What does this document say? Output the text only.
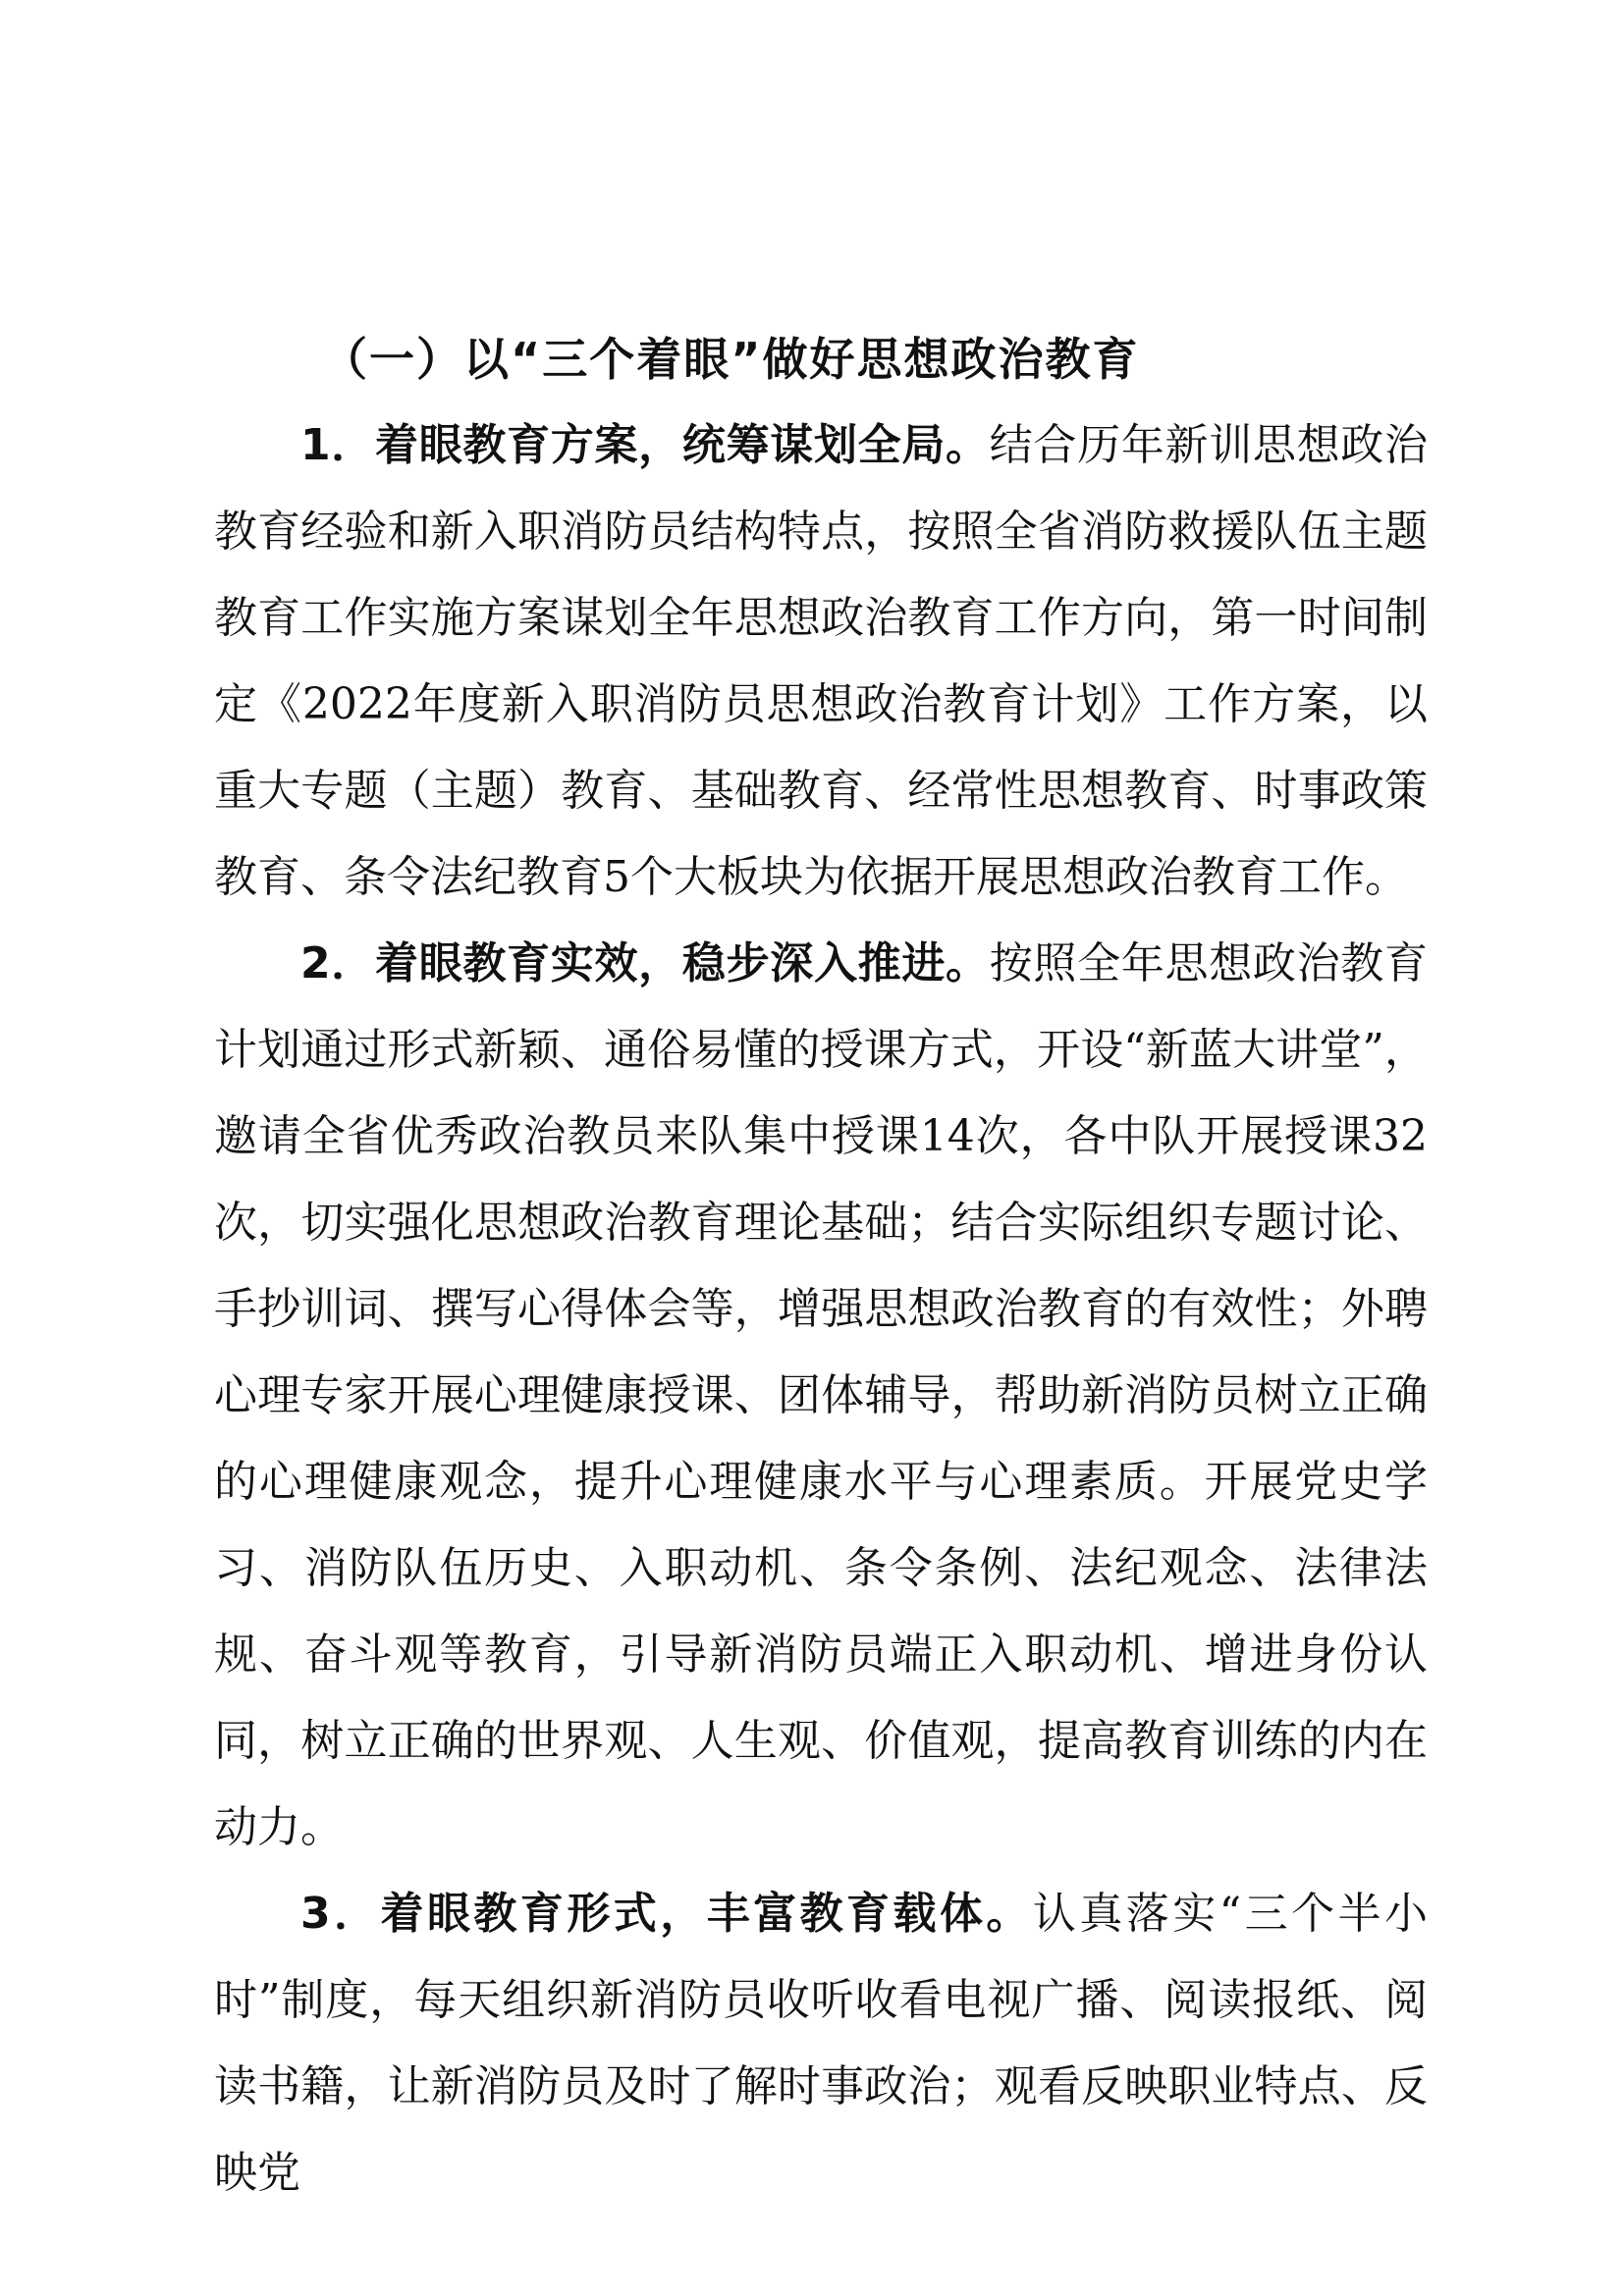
（一）以“三个着眼”做好思想政治教育

1．着眼教育方案，统筹谋划全局。结合历年新训思想政治教育经验和新入职消防员结构特点，按照全省消防救援队伍主题教育工作实施方案谋划全年思想政治教育工作方向，第一时间制定《2022年度新入职消防员思想政治教育计划》工作方案，以重大专题（主题）教育、基础教育、经常性思想教育、时事政策教育、条令法纪教育5个大板块为依据开展思想政治教育工作。

2．着眼教育实效，稳步深入推进。按照全年思想政治教育计划通过形式新颖、通俗易懂的授课方式，开设“新蓝大讲堂”，邀请全省优秀政治教员来队集中授课14次，各中队开展授课32次，切实强化思想政治教育理论基础；结合实际组织专题讨论、手抄训词、撰写心得体会等，增强思想政治教育的有效性；外聘心理专家开展心理健康授课、团体辅导，帮助新消防员树立正确的心理健康观念，提升心理健康水平与心理素质。开展党史学习、消防队伍历史、入职动机、条令条例、法纪观念、法律法规、奋斗观等教育，引导新消防员端正入职动机、增进身份认同，树立正确的世界观、人生观、价值观，提高教育训练的内在动力。

3．着眼教育形式，丰富教育载体。认真落实“三个半小时”制度，每天组织新消防员收听收看电视广播、阅读报纸、阅读书籍，让新消防员及时了解时事政治；观看反映职业特点、反映党
